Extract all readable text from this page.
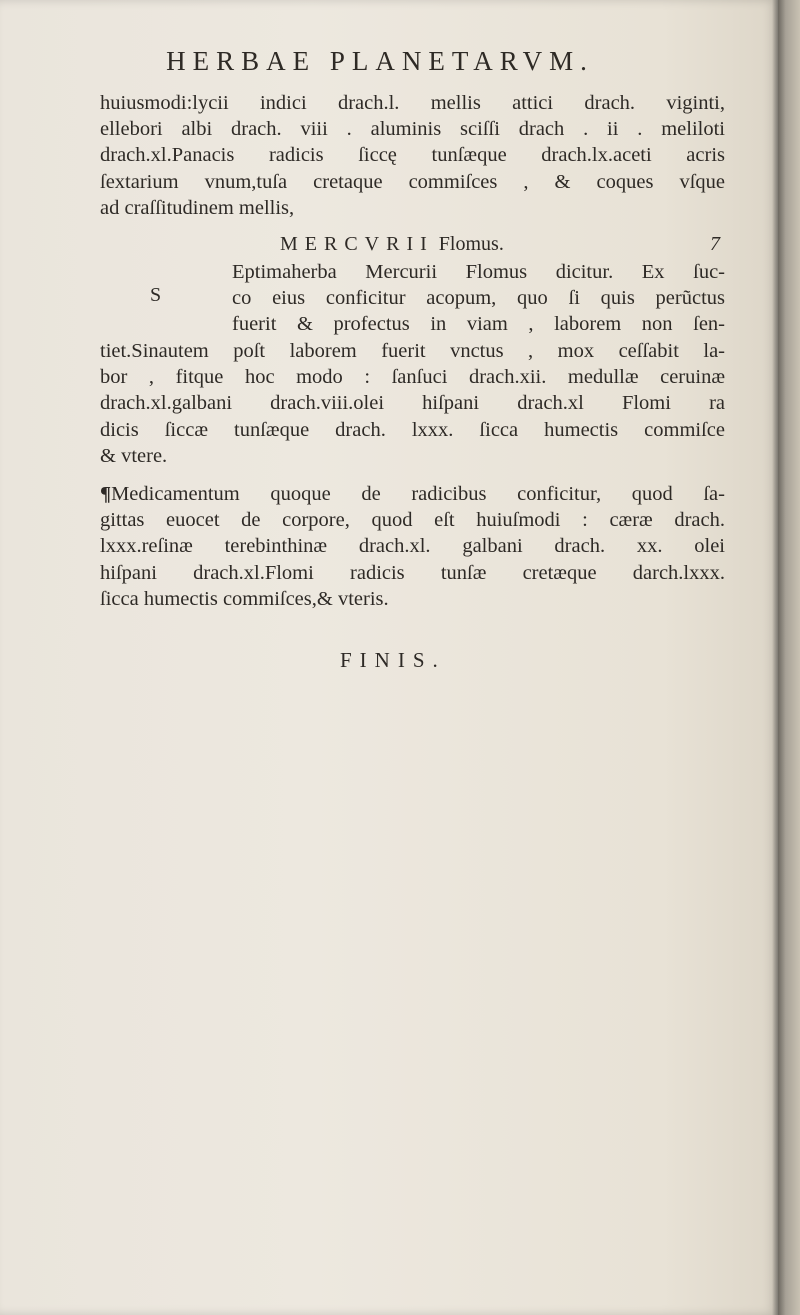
HERBAE PLANETARVM.
huiusmodi:lycii indici drach.l. mellis attici drach. viginti,
ellebori albi drach. viii . aluminis sciſſi drach . ii . meliloti
drach.xl.Panacis radicis ſiccę tunſæque drach.lx.aceti acris
ſextarium vnum,tuſa cretaque commiſces , & coques vſque
ad craſſitudinem mellis,
MERCVRII Flomus.	7
S
Eptimaherba Mercurii Flomus dicitur. Ex ſuc-
co eius conficitur acopum, quo ſi quis perũctus
fuerit & profectus in viam , laborem non ſen-
tiet.Sinautem poſt laborem fuerit vnctus , mox ceſſabit la-
bor , fitque hoc modo : ſanſuci drach.xii. medullæ ceruinæ
drach.xl.galbani drach.viii.olei hiſpani drach.xl Flomi ra
dicis ſiccæ tunſæque drach. lxxx. ſicca humectis commiſce
& vtere.
¶Medicamentum quoque de radicibus conficitur, quod ſa-
gittas euocet de corpore, quod eſt huiuſmodi : cæræ drach.
lxxx.reſinæ terebinthinæ drach.xl. galbani drach. xx. olei
hiſpani drach.xl.Flomi radicis tunſæ cretæque darch.lxxx.
ſicca humectis commiſces,& vteris.
FINIS.
